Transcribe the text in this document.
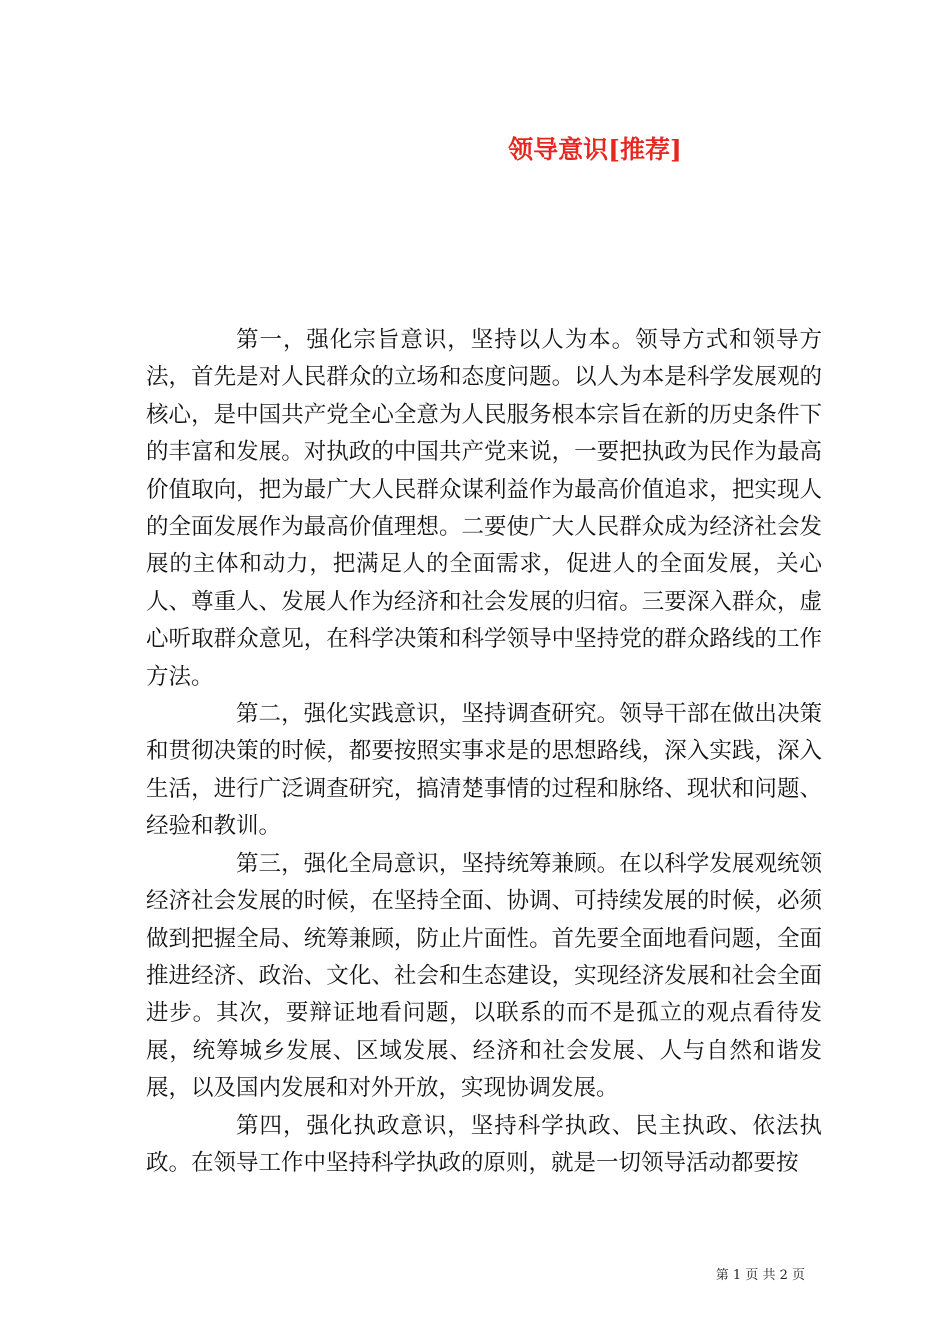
领导意识[推荐]

第一，强化宗旨意识，坚持以人为本。领导方式和领导方法，首先是对人民群众的立场和态度问题。以人为本是科学发展观的核心，是中国共产党全心全意为人民服务根本宗旨在新的历史条件下的丰富和发展。对执政的中国共产党来说，一要把执政为民作为最高价值取向，把为最广大人民群众谋利益作为最高价值追求，把实现人的全面发展作为最高价值理想。二要使广大人民群众成为经济社会发展的主体和动力，把满足人的全面需求，促进人的全面发展，关心人、尊重人、发展人作为经济和社会发展的归宿。三要深入群众，虚心听取群众意见，在科学决策和科学领导中坚持党的群众路线的工作方法。

第二，强化实践意识，坚持调查研究。领导干部在做出决策和贯彻决策的时候，都要按照实事求是的思想路线，深入实践，深入生活，进行广泛调查研究，搞清楚事情的过程和脉络、现状和问题、经验和教训。

第三，强化全局意识，坚持统筹兼顾。在以科学发展观统领经济社会发展的时候，在坚持全面、协调、可持续发展的时候，必须做到把握全局、统筹兼顾，防止片面性。首先要全面地看问题，全面推进经济、政治、文化、社会和生态建设，实现经济发展和社会全面进步。其次，要辩证地看问题，以联系的而不是孤立的观点看待发展，统筹城乡发展、区域发展、经济和社会发展、人与自然和谐发展，以及国内发展和对外开放，实现协调发展。

第四，强化执政意识，坚持科学执政、民主执政、依法执政。在领导工作中坚持科学执政的原则，就是一切领导活动都要按

第 1 页 共 2 页
